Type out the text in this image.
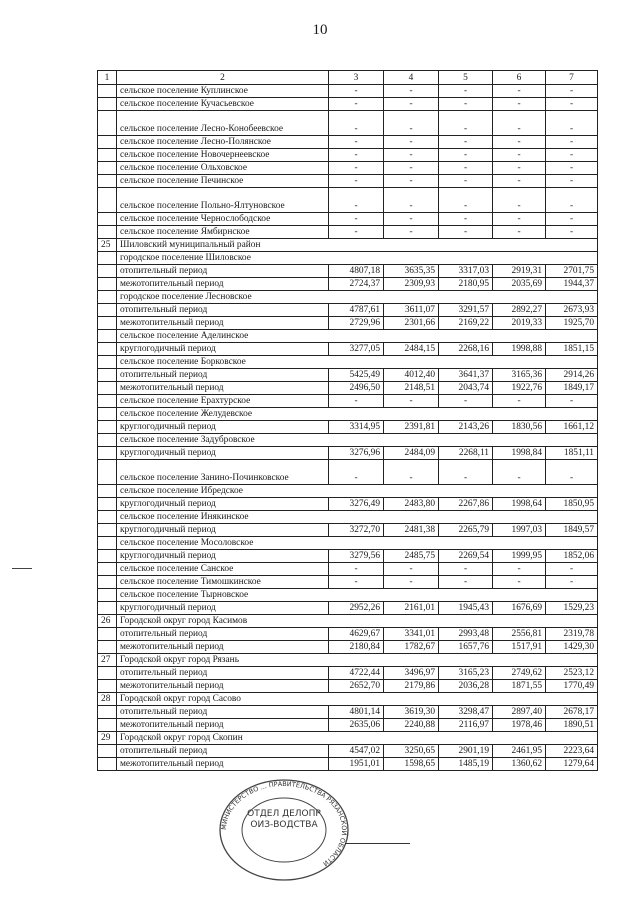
10
1	2	3	4	5	6	7
	сельское поселение Куплинское	-	-	-	-	-
	сельское поселение Кучасьевское	-	-	-	-	-
	сельское поселение Лесно-Конобеевское	-	-	-	-	-
	сельское поселение Лесно-Полянское	-	-	-	-	-
	сельское поселение Новочернеевское	-	-	-	-	-
	сельское поселение Ольховское	-	-	-	-	-
	сельское поселение Печинское	-	-	-	-	-
	сельское поселение Польно-Ялтуновское	-	-	-	-	-
	сельское поселение Чернослободское	-	-	-	-	-
	сельское поселение Ямбирнское	-	-	-	-	-
25	Шиловский муниципальный район					
	городское поселение Шиловское					
	отопительный период	4807,18	3635,35	3317,03	2919,31	2701,75
	межотопительный период	2724,37	2309,93	2180,95	2035,69	1944,37
	городское поселение Лесновское					
	отопительный период	4787,61	3611,07	3291,57	2892,27	2673,93
	межотопительный период	2729,96	2301,66	2169,22	2019,33	1925,70
	сельское поселение Аделинское					
	круглогодичный период	3277,05	2484,15	2268,16	1998,88	1851,15
	сельское поселение Борковское					
	отопительный период	5425,49	4012,40	3641,37	3165,36	2914,26
	межотопительный период	2496,50	2148,51	2043,74	1922,76	1849,17
	сельское поселение Ерахтурское	-	-	-	-	-
	сельское поселение Желудевское					
	круглогодичный период	3314,95	2391,81	2143,26	1830,56	1661,12
	сельское поселение Задубровское					
	круглогодичный период	3276,96	2484,09	2268,11	1998,84	1851,11
	сельское поселение Занино-Починковское	-	-	-	-	-
	сельское поселение Ибредское					
	круглогодичный период	3276,49	2483,80	2267,86	1998,64	1850,95
	сельское поселение Инякинское					
	круглогодичный период	3272,70	2481,38	2265,79	1997,03	1849,57
	сельское поселение Мосоловское					
	круглогодичный период	3279,56	2485,75	2269,54	1999,95	1852,06
	сельское поселение Санское	-	-	-	-	-
	сельское поселение Тимошкинское	-	-	-	-	-
	сельское поселение Тырновское					
	круглогодичный период	2952,26	2161,01	1945,43	1676,69	1529,23
26	Городской округ город Касимов					
	отопительный период	4629,67	3341,01	2993,48	2556,81	2319,78
	межотопительный период	2180,84	1782,67	1657,76	1517,91	1429,30
27	Городской округ город Рязань					
	отопительный период	4722,44	3496,97	3165,23	2749,62	2523,12
	межотопительный период	2652,70	2179,86	2036,28	1871,55	1770,49
28	Городской округ город Сасово					
	отопительный период	4801,14	3619,30	3298,47	2897,40	2678,17
	межотопительный период	2635,06	2240,88	2116,97	1978,46	1890,51
29	Городской округ город Скопин					
	отопительный период	4547,02	3250,65	2901,19	2461,95	2223,64
	межотопительный период	1951,01	1598,65	1485,19	1360,62	1279,64
МИНИСТЕРСТВО ... ПРАВИТЕЛЬСТВА РЯЗАНСКОЙ ОБЛАСТИ
ОТДЕЛ ДЕЛОПРОИЗ-ВОДСТВА
